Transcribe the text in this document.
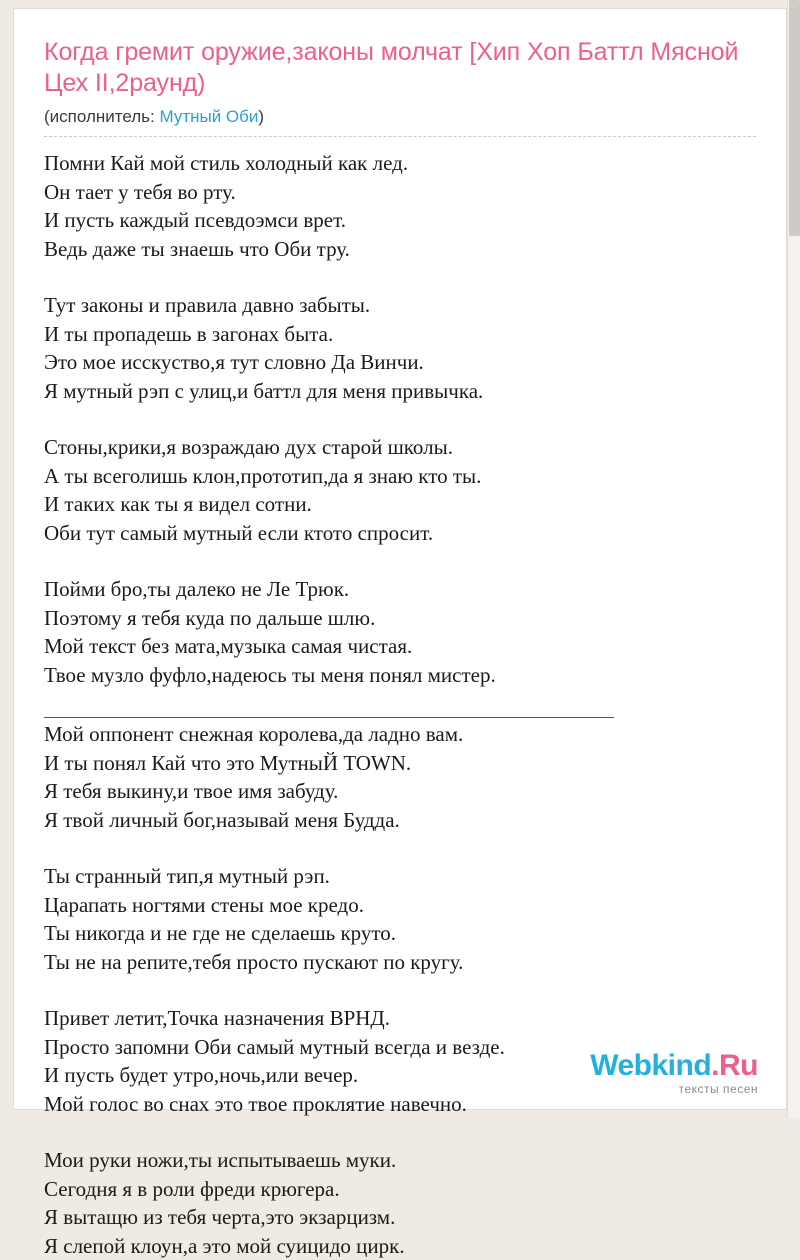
Когда гремит оружие,законы молчат [Хип Хоп Баттл Мясной Цех II,2раунд)
(исполнитель: Мутный Оби)

Помни Кай мой стиль холодный как лед.
Он тает у тебя во рту.
И пусть каждый псевдоэмси врет.
Ведь даже ты знаешь что Оби тру.

Тут законы и правила давно забыты.
И ты пропадешь в загонах быта.
Это мое исскуство,я тут словно Да Винчи.
Я мутный рэп с улиц,и баттл для меня привычка.

Стоны,крики,я возраждаю дух старой школы.
А ты всеголишь клон,прототип,да я знаю кто ты.
И таких как ты я видел сотни.
Оби тут самый мутный если ктото спросит.

Пойми бро,ты далеко не Ле Трюк.
Поэтому я тебя куда по дальше шлю.
Мой текст без мата,музыка самая чистая.
Твое музло фуфло,надеюсь ты меня понял мистер.

Мой оппонент снежная королева,да ладно вам.
И ты понял Кай что это МутныЙ TOWN.
Я тебя выкину,и твое имя забуду.
Я твой личный бог,называй меня Будда.

Ты странный тип,я мутный рэп.
Царапать ногтями стены мое кредо.
Ты никогда и не где не сделаешь круто.
Ты не на репите,тебя просто пускают по кругу.

Привет летит,Точка назначения ВРНД.
Просто запомни Оби самый мутный всегда и везде.
И пусть будет утро,ночь,или вечер.
Мой голос во снах это твое проклятие навечно.

Мои руки ножи,ты испытываешь муки.
Сегодня я в роли фреди крюгера.
Я вытащю из тебя черта,это экзарцизм.
Я слепой клоун,а это мой суицидо цирк.

Webkind.Ru
тексты песен
